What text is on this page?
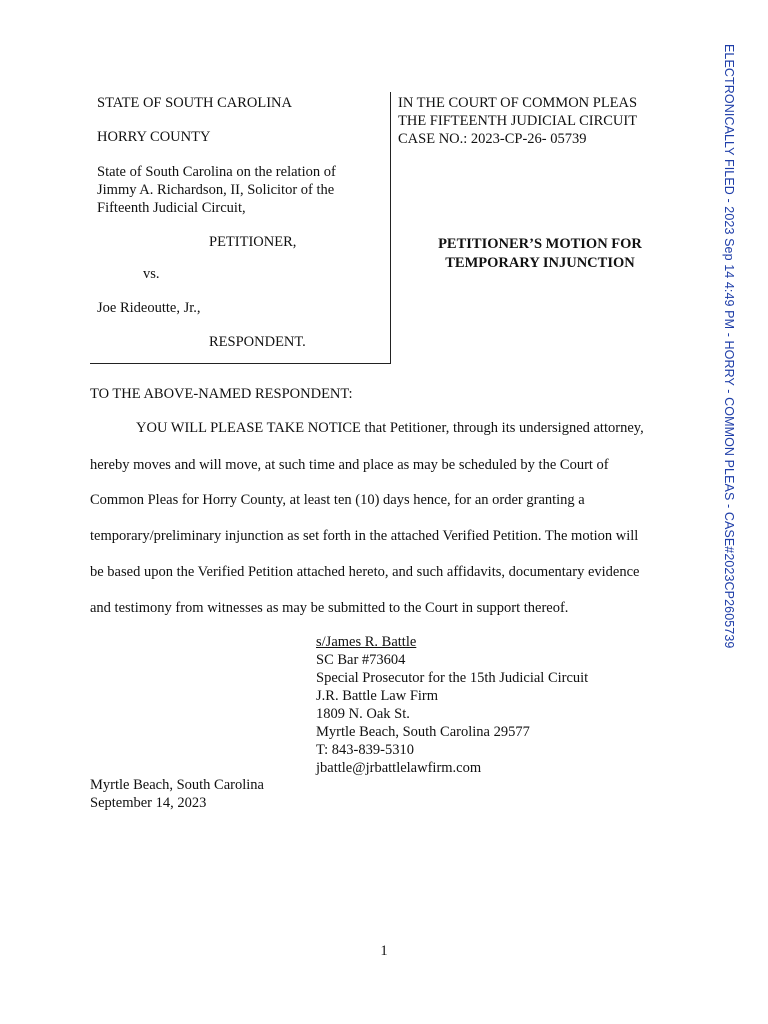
STATE OF SOUTH CAROLINA
HORRY COUNTY
State of South Carolina on the relation of
Jimmy A. Richardson, II, Solicitor of the
Fifteenth Judicial Circuit,
PETITIONER,
vs.
Joe Rideoutte, Jr.,
RESPONDENT.
IN THE COURT OF COMMON PLEAS
THE FIFTEENTH JUDICIAL CIRCUIT
CASE NO.: 2023-CP-26- 05739
PETITIONER’S MOTION FOR
TEMPORARY INJUNCTION
TO THE ABOVE-NAMED RESPONDENT:
YOU WILL PLEASE TAKE NOTICE that Petitioner, through its undersigned attorney,
hereby moves and will move, at such time and place as may be scheduled by the Court of
Common Pleas for Horry County, at least ten (10) days hence, for an order granting a
temporary/preliminary injunction as set forth in the attached Verified Petition. The motion will
be based upon the Verified Petition attached hereto, and such affidavits, documentary evidence
and testimony from witnesses as may be submitted to the Court in support thereof.
s/James R. Battle
SC Bar #73604
Special Prosecutor for the 15th Judicial Circuit
J.R. Battle Law Firm
1809 N. Oak St.
Myrtle Beach, South Carolina 29577
T: 843-839-5310
jbattle@jrbattlelawfirm.com
Myrtle Beach, South Carolina
September 14, 2023
ELECTRONICALLY FILED - 2023 Sep 14 4:49 PM - HORRY - COMMON PLEAS - CASE#2023CP2605739
1
